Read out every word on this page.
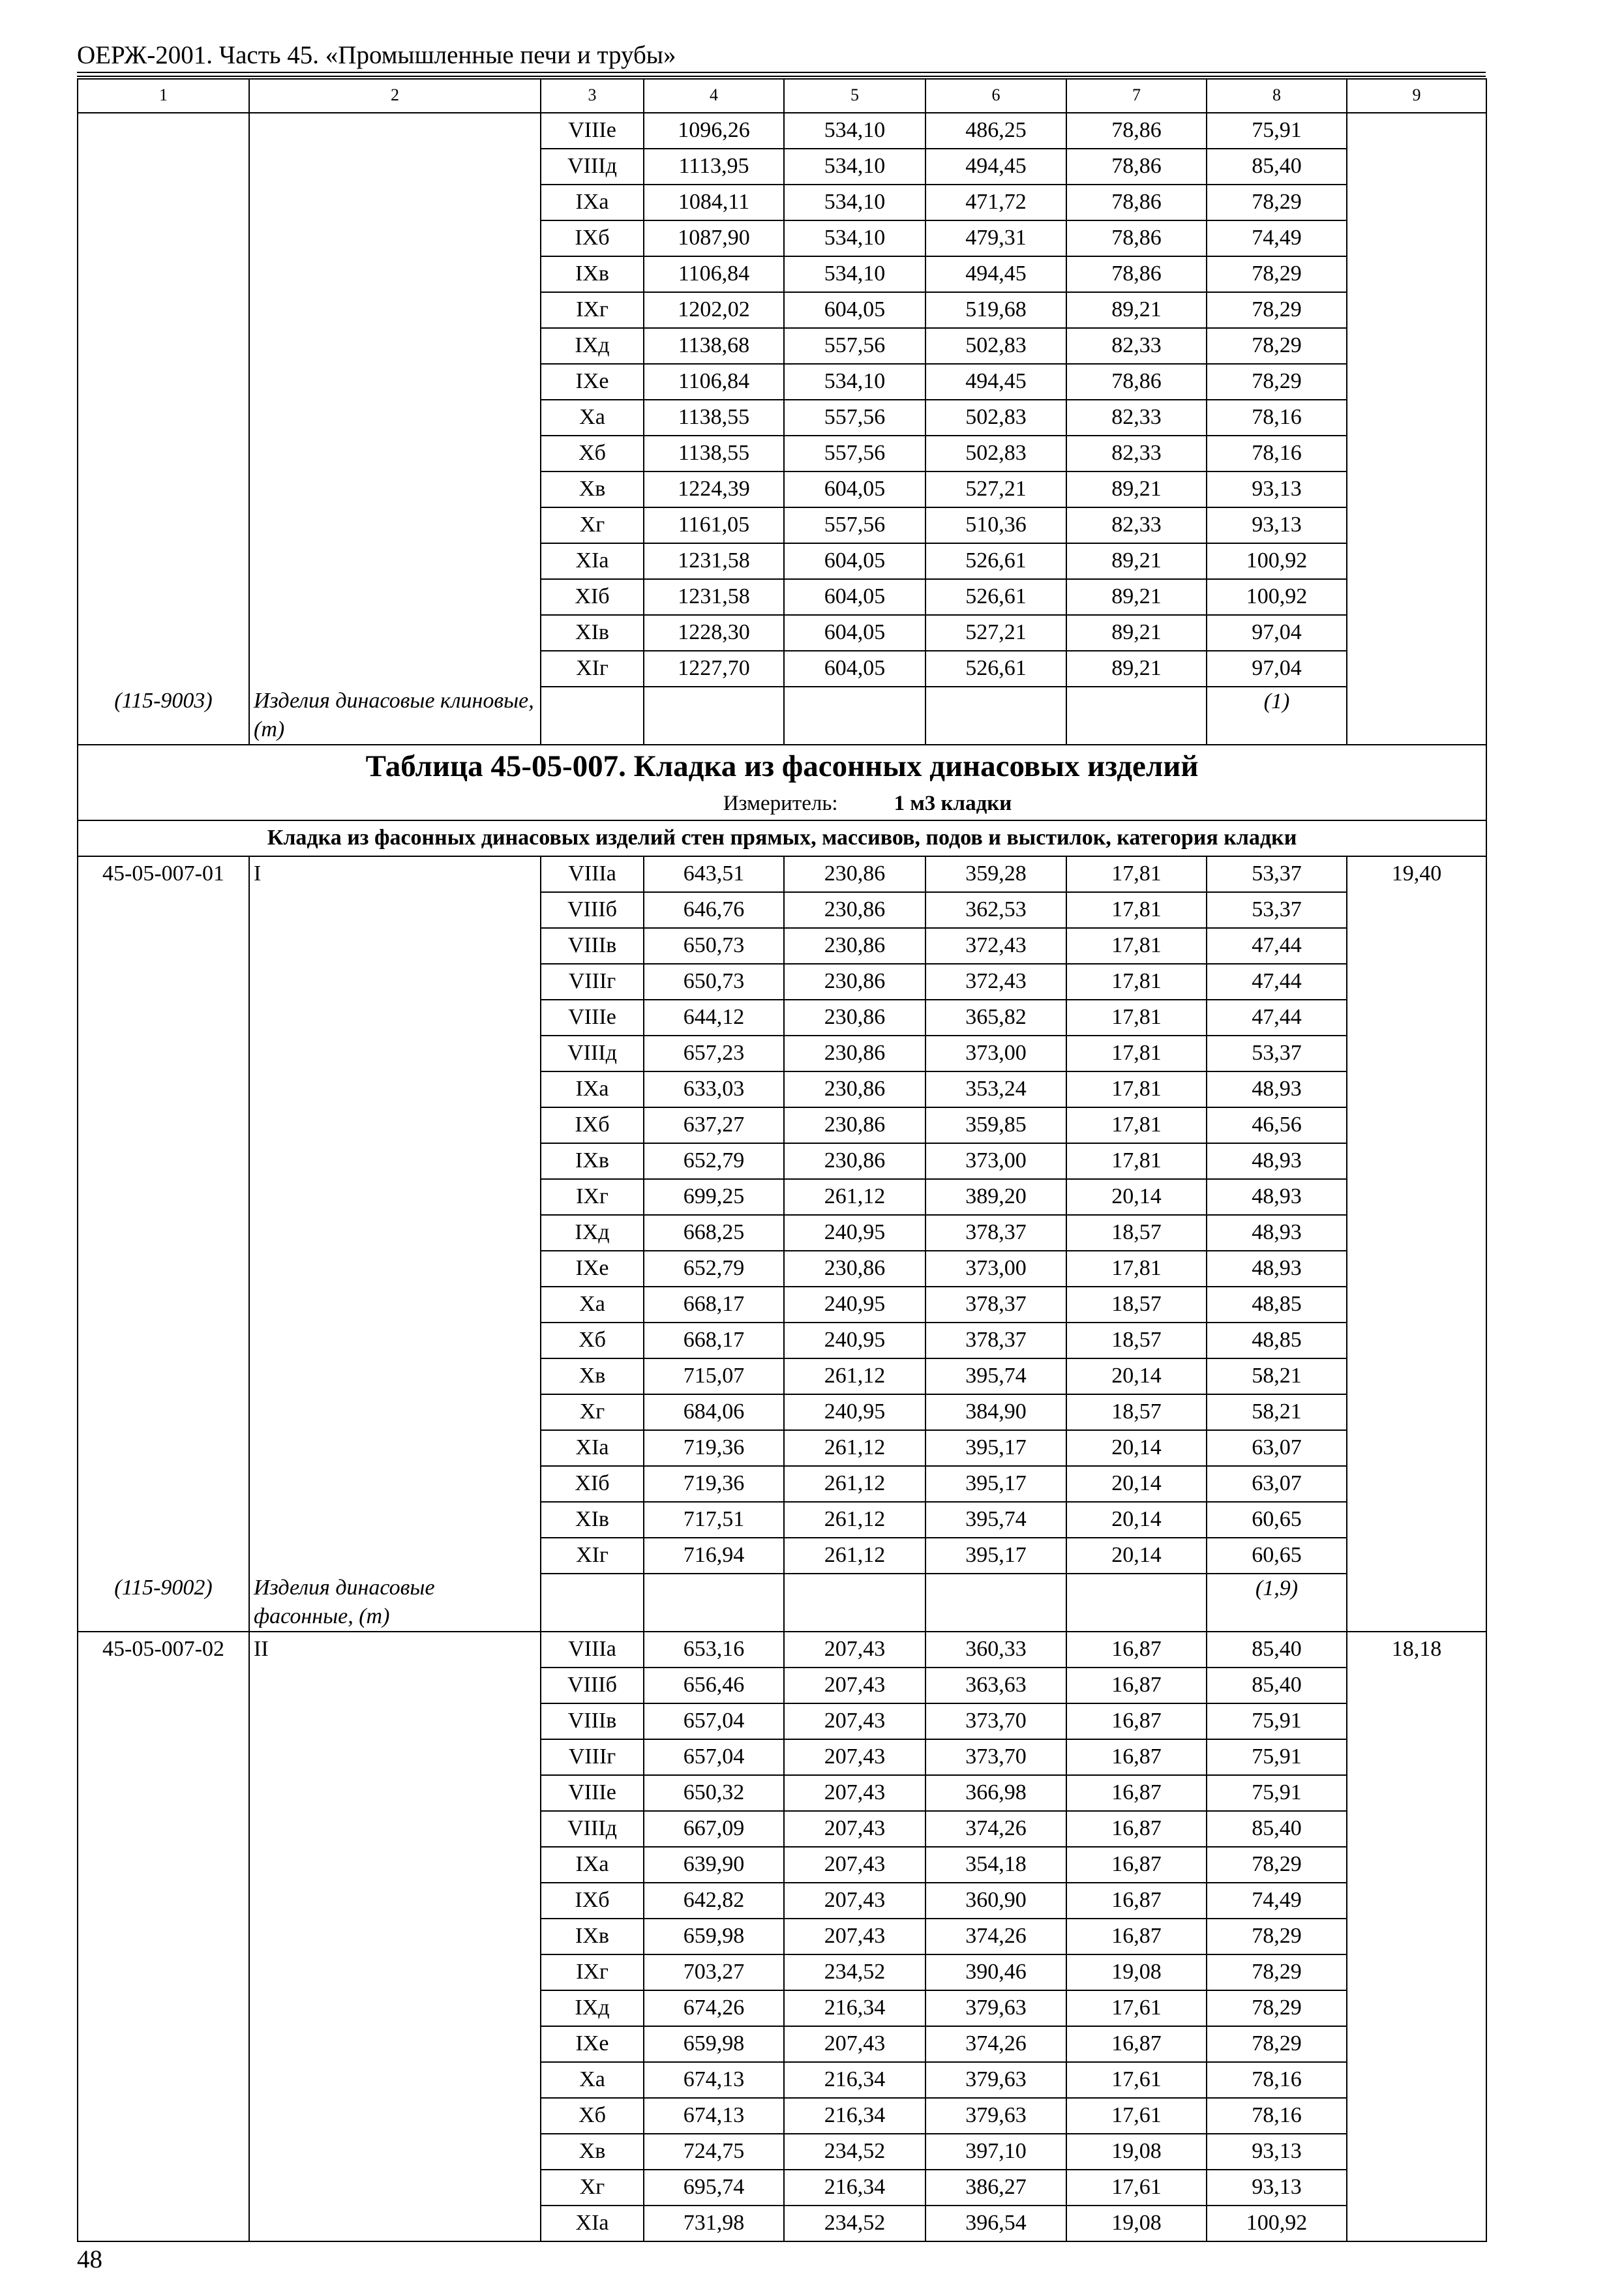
ОЕРЖ-2001. Часть 45. «Промышленные печи и трубы»
1	2	3	4	5	6	7	8	9
		VIIIe	1096,26	534,10	486,25	78,86	75,91	
		VIIIд	1113,95	534,10	494,45	78,86	85,40	
		IXa	1084,11	534,10	471,72	78,86	78,29	
		IXб	1087,90	534,10	479,31	78,86	74,49	
		IXв	1106,84	534,10	494,45	78,86	78,29	
		IXг	1202,02	604,05	519,68	89,21	78,29	
		IXд	1138,68	557,56	502,83	82,33	78,29	
		IXe	1106,84	534,10	494,45	78,86	78,29	
		Xa	1138,55	557,56	502,83	82,33	78,16	
		Xб	1138,55	557,56	502,83	82,33	78,16	
		Xв	1224,39	604,05	527,21	89,21	93,13	
		Xг	1161,05	557,56	510,36	82,33	93,13	
		XIa	1231,58	604,05	526,61	89,21	100,92	
		XIб	1231,58	604,05	526,61	89,21	100,92	
		XIв	1228,30	604,05	527,21	89,21	97,04	
		XIг	1227,70	604,05	526,61	89,21	97,04	
(115-9003)	Изделия динасовые клиновые, (т)						(1)	

Таблица 45-05-007. Кладка из фасонных динасовых изделий
Измеритель: 1 м3 кладки								

Кладка из фасонных динасовых изделий стен прямых, массивов, подов и выстилок, категория кладки								
45-05-007-01	I	VIIIa	643,51	230,86	359,28	17,81	53,37	19,40
		VIIIб	646,76	230,86	362,53	17,81	53,37	
		VIIIв	650,73	230,86	372,43	17,81	47,44	
		VIIIг	650,73	230,86	372,43	17,81	47,44	
		VIIIe	644,12	230,86	365,82	17,81	47,44	
		VIIIд	657,23	230,86	373,00	17,81	53,37	
		IXa	633,03	230,86	353,24	17,81	48,93	
		IXб	637,27	230,86	359,85	17,81	46,56	
		IXв	652,79	230,86	373,00	17,81	48,93	
		IXг	699,25	261,12	389,20	20,14	48,93	
		IXд	668,25	240,95	378,37	18,57	48,93	
		IXe	652,79	230,86	373,00	17,81	48,93	
		Xa	668,17	240,95	378,37	18,57	48,85	
		Xб	668,17	240,95	378,37	18,57	48,85	
		Xв	715,07	261,12	395,74	20,14	58,21	
		Xг	684,06	240,95	384,90	18,57	58,21	
		XIa	719,36	261,12	395,17	20,14	63,07	
		XIб	719,36	261,12	395,17	20,14	63,07	
		XIв	717,51	261,12	395,74	20,14	60,65	
		XIг	716,94	261,12	395,17	20,14	60,65	
(115-9002)	Изделия динасовые фасонные, (т)						(1,9)	
45-05-007-02	II	VIIIa	653,16	207,43	360,33	16,87	85,40	18,18
		VIIIб	656,46	207,43	363,63	16,87	85,40	
		VIIIв	657,04	207,43	373,70	16,87	75,91	
		VIIIг	657,04	207,43	373,70	16,87	75,91	
		VIIIe	650,32	207,43	366,98	16,87	75,91	
		VIIIд	667,09	207,43	374,26	16,87	85,40	
		IXa	639,90	207,43	354,18	16,87	78,29	
		IXб	642,82	207,43	360,90	16,87	74,49	
		IXв	659,98	207,43	374,26	16,87	78,29	
		IXг	703,27	234,52	390,46	19,08	78,29	
		IXд	674,26	216,34	379,63	17,61	78,29	
		IXe	659,98	207,43	374,26	16,87	78,29	
		Xa	674,13	216,34	379,63	17,61	78,16	
		Xб	674,13	216,34	379,63	17,61	78,16	
		Xв	724,75	234,52	397,10	19,08	93,13	
		Xг	695,74	216,34	386,27	17,61	93,13	
		XIa	731,98	234,52	396,54	19,08	100,92	
48
